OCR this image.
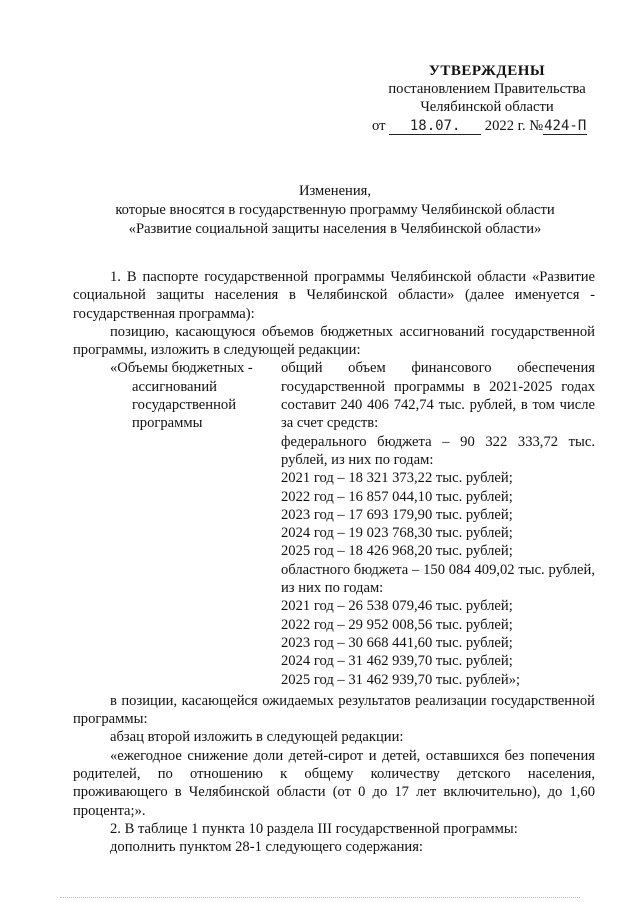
УТВЕРЖДЕНЫ
постановлением Правительства
Челябинской области
от 18.07. 2022 г. №424-П
Изменения,
которые вносятся в государственную программу Челябинской области
«Развитие социальной защиты населения в Челябинской области»

1. В паспорте государственной программы Челябинской области «Развитие социальной защиты населения в Челябинской области» (далее именуется - государственная программа):

позицию, касающуюся объемов бюджетных ассигнований государственной программы, изложить в следующей редакции:

«Объемы бюджетных -
ассигнований
государственной
программы
общий объем финансового обеспечения государственной программы в 2021-2025 годах составит 240 406 742,74 тыс. рублей, в том числе за счет средств:
федерального бюджета – 90 322 333,72 тыс. рублей, из них по годам:
2021 год – 18 321 373,22 тыс. рублей;
2022 год – 16 857 044,10 тыс. рублей;
2023 год – 17 693 179,90 тыс. рублей;
2024 год – 19 023 768,30 тыс. рублей;
2025 год – 18 426 968,20 тыс. рублей;
областного бюджета – 150 084 409,02 тыс. рублей, из них по годам:
2021 год – 26 538 079,46 тыс. рублей;
2022 год – 29 952 008,56 тыс. рублей;
2023 год – 30 668 441,60 тыс. рублей;
2024 год – 31 462 939,70 тыс. рублей;
2025 год – 31 462 939,70 тыс. рублей»;

в позиции, касающейся ожидаемых результатов реализации государственной программы:

абзац второй изложить в следующей редакции:

«ежегодное снижение доли детей-сирот и детей, оставшихся без попечения родителей, по отношению к общему количеству детского населения, проживающего в Челябинской области (от 0 до 17 лет включительно), до 1,60 процента;».

2. В таблице 1 пункта 10 раздела III государственной программы:

дополнить пунктом 28-1 следующего содержания:
